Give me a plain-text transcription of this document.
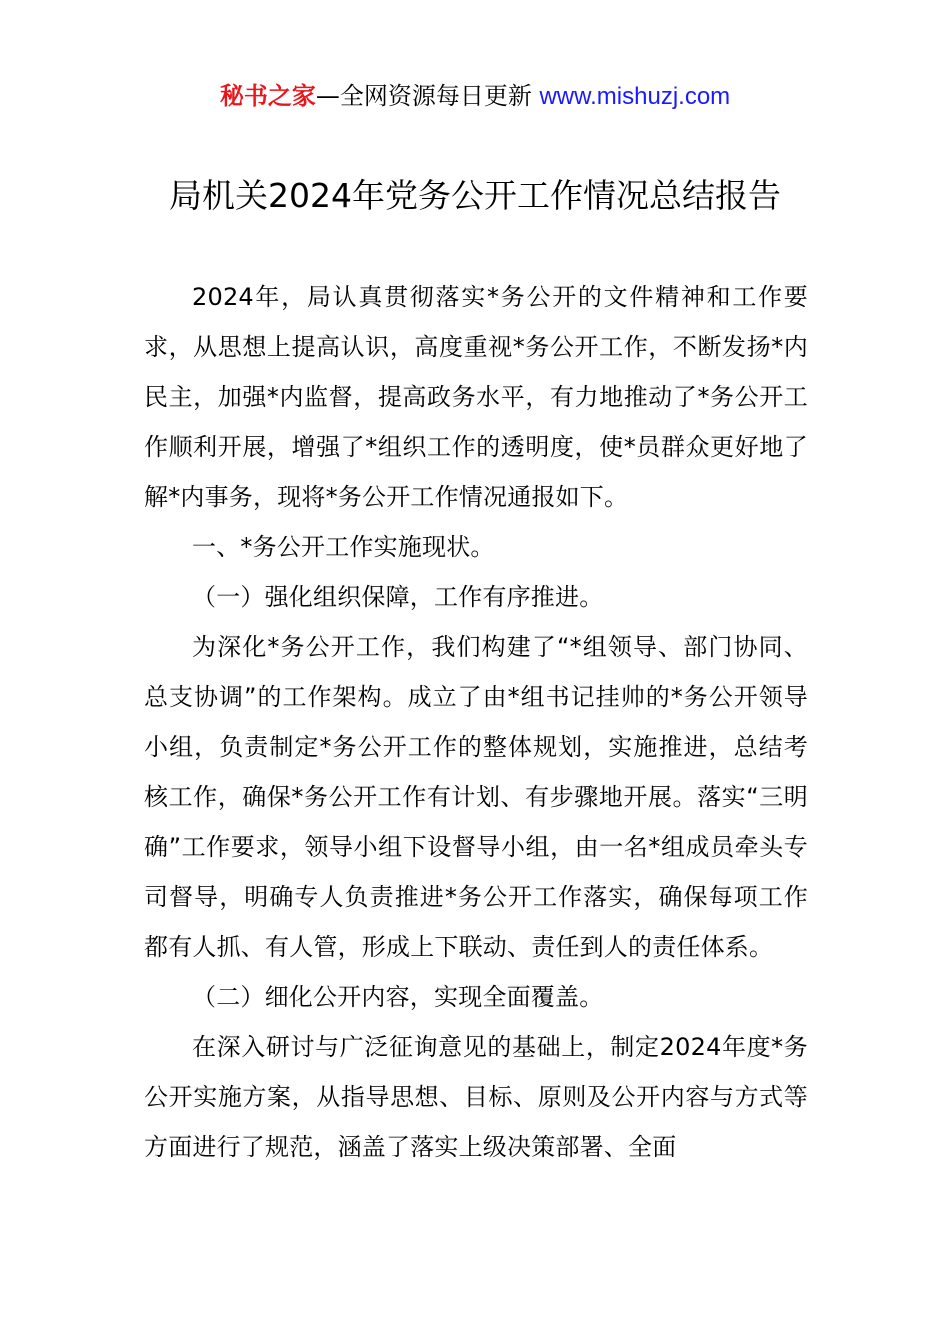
秘书之家—全网资源每日更新 www.mishuzj.com
局机关2024年党务公开工作情况总结报告

2024年，局认真贯彻落实*务公开的文件精神和工作要求，从思想上提高认识，高度重视*务公开工作，不断发扬*内民主，加强*内监督，提高政务水平，有力地推动了*务公开工作顺利开展，增强了*组织工作的透明度，使*员群众更好地了解*内事务，现将*务公开工作情况通报如下。

一、*务公开工作实施现状。

（一）强化组织保障，工作有序推进。

为深化*务公开工作，我们构建了“*组领导、部门协同、总支协调”的工作架构。成立了由*组书记挂帅的*务公开领导小组，负责制定*务公开工作的整体规划，实施推进，总结考核工作，确保*务公开工作有计划、有步骤地开展。落实“三明确”工作要求，领导小组下设督导小组，由一名*组成员牵头专司督导，明确专人负责推进*务公开工作落实，确保每项工作都有人抓、有人管，形成上下联动、责任到人的责任体系。

（二）细化公开内容，实现全面覆盖。

在深入研讨与广泛征询意见的基础上，制定2024年度*务公开实施方案，从指导思想、目标、原则及公开内容与方式等方面进行了规范，涵盖了落实上级决策部署、全面
